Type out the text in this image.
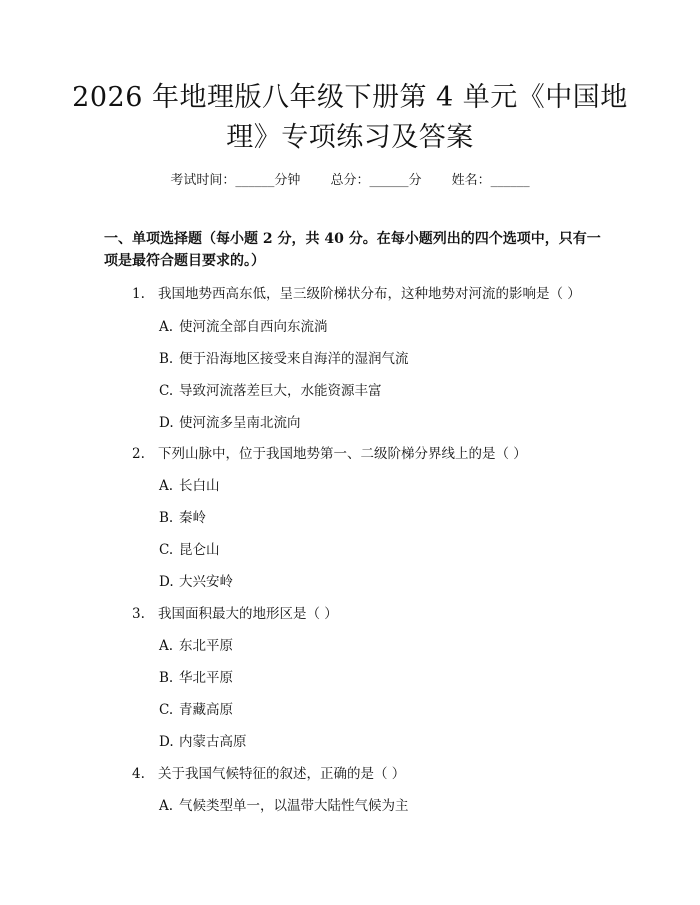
2026 年地理版八年级下册第 4 单元《中国地
理》专项练习及答案
考试时间：______分钟 总分：______分 姓名：______
一、单项选择题（每小题 2 分，共 40 分。在每小题列出的四个选项中，只有一项是最符合题目要求的。）
1. 我国地势西高东低，呈三级阶梯状分布，这种地势对河流的影响是（ ）
A. 使河流全部自西向东流淌
B. 便于沿海地区接受来自海洋的湿润气流
C. 导致河流落差巨大，水能资源丰富
D. 使河流多呈南北流向
2. 下列山脉中，位于我国地势第一、二级阶梯分界线上的是（ ）
A. 长白山
B. 秦岭
C. 昆仑山
D. 大兴安岭
3. 我国面积最大的地形区是（ ）
A. 东北平原
B. 华北平原
C. 青藏高原
D. 内蒙古高原
4. 关于我国气候特征的叙述，正确的是（ ）
A. 气候类型单一，以温带大陆性气候为主
